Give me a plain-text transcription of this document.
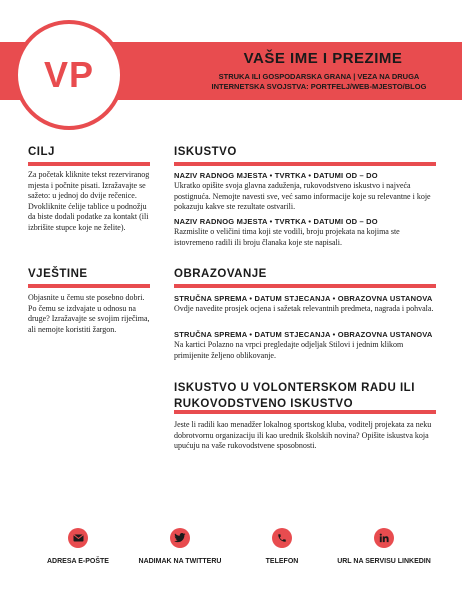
VP	VAŠE IME I PREZIME
STRUKA ILI GOSPODARSKA GRANA | VEZA NA DRUGA
INTERNETSKA SVOJSTVA: PORTFELJ/WEB-MJESTO/BLOG
CILJ
Za početak kliknite tekst rezerviranog mjesta i počnite pisati. Izražavajte se sažeto: u jednoj do dvije rečenice. Dvokliknite ćelije tablice u podnožju da biste dodali podatke za kontakt (ili izbrišite stupce koje ne želite).
VJEŠTINE
Objasnite u čemu ste posebno dobri. Po čemu se izdvajate u odnosu na druge? Izražavajte se svojim riječima, ali nemojte koristiti žargon.
ISKUSTVO
NAZIV RADNOG MJESTA • TVRTKA • DATUMI OD – DO
Ukratko opišite svoja glavna zaduženja, rukovodstveno iskustvo i najveća postignuća. Nemojte navesti sve, već samo informacije koje su relevantne i koje pokazuju kakve ste rezultate ostvarili.
NAZIV RADNOG MJESTA • TVRTKA • DATUMI OD – DO
Razmislite o veličini tima koji ste vodili, broju projekata na kojima ste istovremeno radili ili broju članaka koje ste napisali.
OBRAZOVANJE
STRUČNA SPREMA • DATUM STJECANJA • OBRAZOVNA USTANOVA
Ovdje navedite prosjek ocjena i sažetak relevantnih predmeta, nagrada i pohvala.
STRUČNA SPREMA • DATUM STJECANJA • OBRAZOVNA USTANOVA
Na kartici Polazno na vrpci pregledajte odjeljak Stilovi i jednim klikom primijenite željeno oblikovanje.
ISKUSTVO U VOLONTERSKOM RADU ILI
RUKOVODSTVENO ISKUSTVO
Jeste li radili kao menadžer lokalnog sportskog kluba, voditelj projekata za neku dobrotvornu organizaciju ili kao urednik školskih novina? Opišite iskustva koja upućuju na vaše rukovodstvene sposobnosti.
ADRESA E-POŠTE	NADIMAK NA TWITTERU	TELEFON	URL NA SERVISU LINKEDIN
